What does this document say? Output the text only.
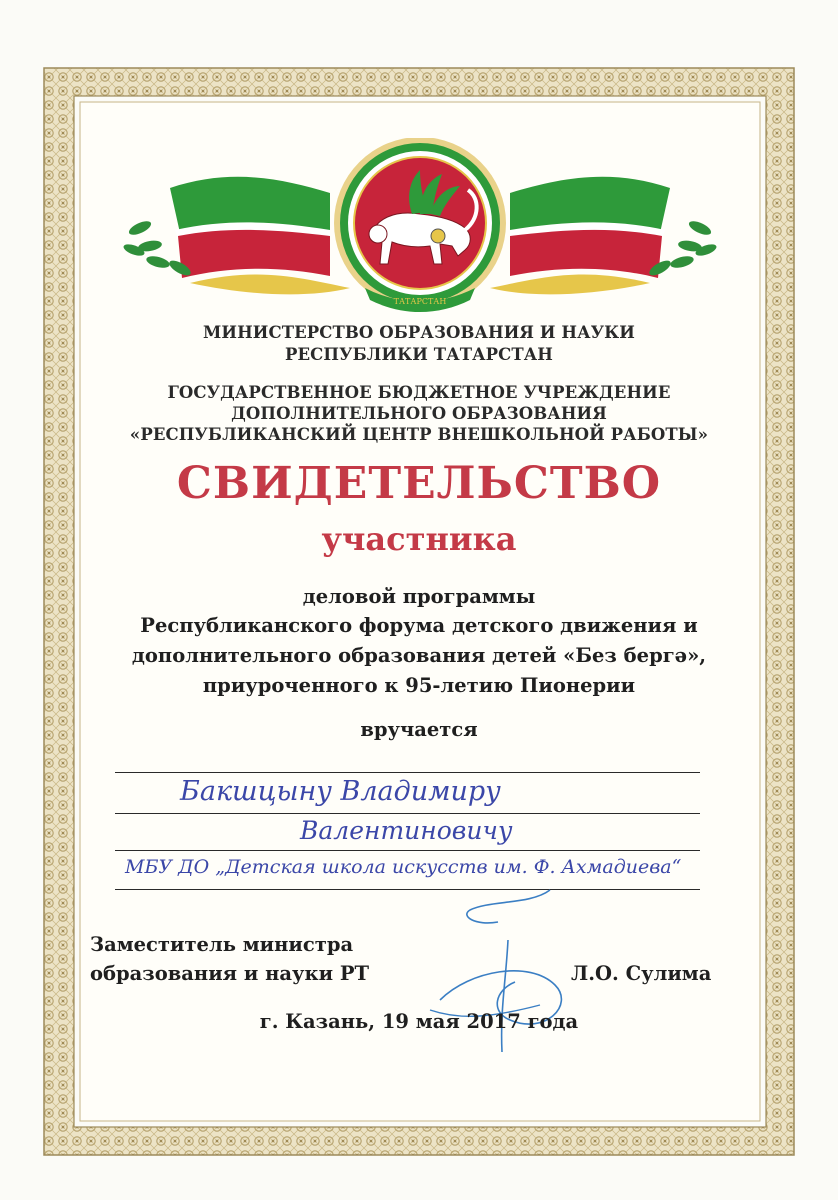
ТАТАРСТАН
МИНИСТЕРСТВО ОБРАЗОВАНИЯ И НАУКИ
РЕСПУБЛИКИ ТАТАРСТАН
ГОСУДАРСТВЕННОЕ БЮДЖЕТНОЕ УЧРЕЖДЕНИЕ
ДОПОЛНИТЕЛЬНОГО ОБРАЗОВАНИЯ
«РЕСПУБЛИКАНСКИЙ ЦЕНТР ВНЕШКОЛЬНОЙ РАБОТЫ»
СВИДЕТЕЛЬСТВО
участника
деловой программы
Республиканского форума детского движения и
дополнительного образования детей «Без бергә»,
приуроченного к 95-летию Пионерии
вручается
Бакшцыну Владимиру
Валентиновичу
МБУ ДО „Детская школа искусств им. Ф. Ахмадиева“
Заместитель министра
образования и науки РТ	Л.О. Сулима
г. Казань, 19 мая 2017 года
